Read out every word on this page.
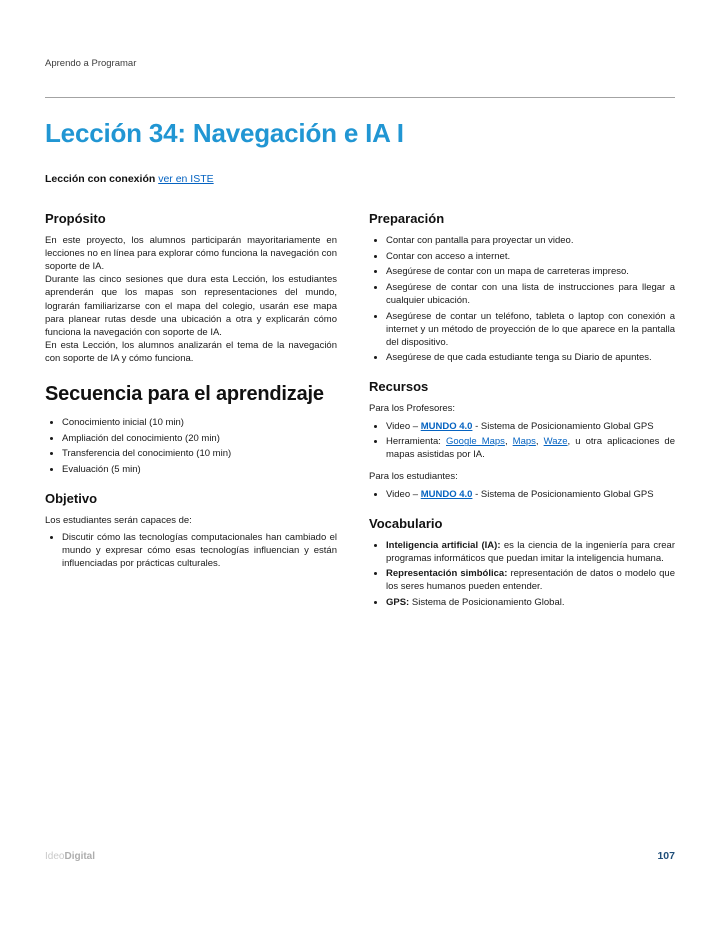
Aprendo a Programar
Lección 34: Navegación e IA I

Lección con conexión ver en ISTE

Propósito

En este proyecto, los alumnos participarán mayoritariamente en lecciones no en línea para explorar cómo funciona la navegación con soporte de IA.

Durante las cinco sesiones que dura esta Lección, los estudiantes aprenderán que los mapas son representaciones del mundo, lograrán familiarizarse con el mapa del colegio, usarán ese mapa para planear rutas desde una ubicación a otra y explicarán cómo funciona la navegación con soporte de IA.

En esta Lección, los alumnos analizarán el tema de la navegación con soporte de IA y cómo funciona.

Secuencia para el aprendizaje
• Conocimiento inicial (10 min)
• Ampliación del conocimiento (20 min)
• Transferencia del conocimiento (10 min)
• Evaluación (5 min)
Objetivo

Los estudiantes serán capaces de:

• Discutir cómo las tecnologías computacionales han cambiado el mundo y expresar cómo esas tecnologías influencian y están influenciadas por prácticas culturales.
Preparación
• Contar con pantalla para proyectar un video.
• Contar con acceso a internet.
• Asegúrese de contar con un mapa de carreteras impreso.
• Asegúrese de contar con una lista de instrucciones para llegar a cualquier ubicación.
• Asegúrese de contar un teléfono, tableta o laptop con conexión a internet y un método de proyección de lo que aparece en la pantalla del dispositivo.
• Asegúrese de que cada estudiante tenga su Diario de apuntes.
Recursos

Para los Profesores:

• Video – MUNDO 4.0 - Sistema de Posicionamiento Global GPS
• Herramienta: Google Maps, Maps, Waze, u otra aplicaciones de mapas asistidas por IA.

Para los estudiantes:

• Video – MUNDO 4.0 - Sistema de Posicionamiento Global GPS
Vocabulario
• Inteligencia artificial (IA): es la ciencia de la ingeniería para crear programas informáticos que puedan imitar la inteligencia humana.
• Representación simbólica: representación de datos o modelo que los seres humanos pueden entender.
• GPS: Sistema de Posicionamiento Global.
IdeoDigital	107
